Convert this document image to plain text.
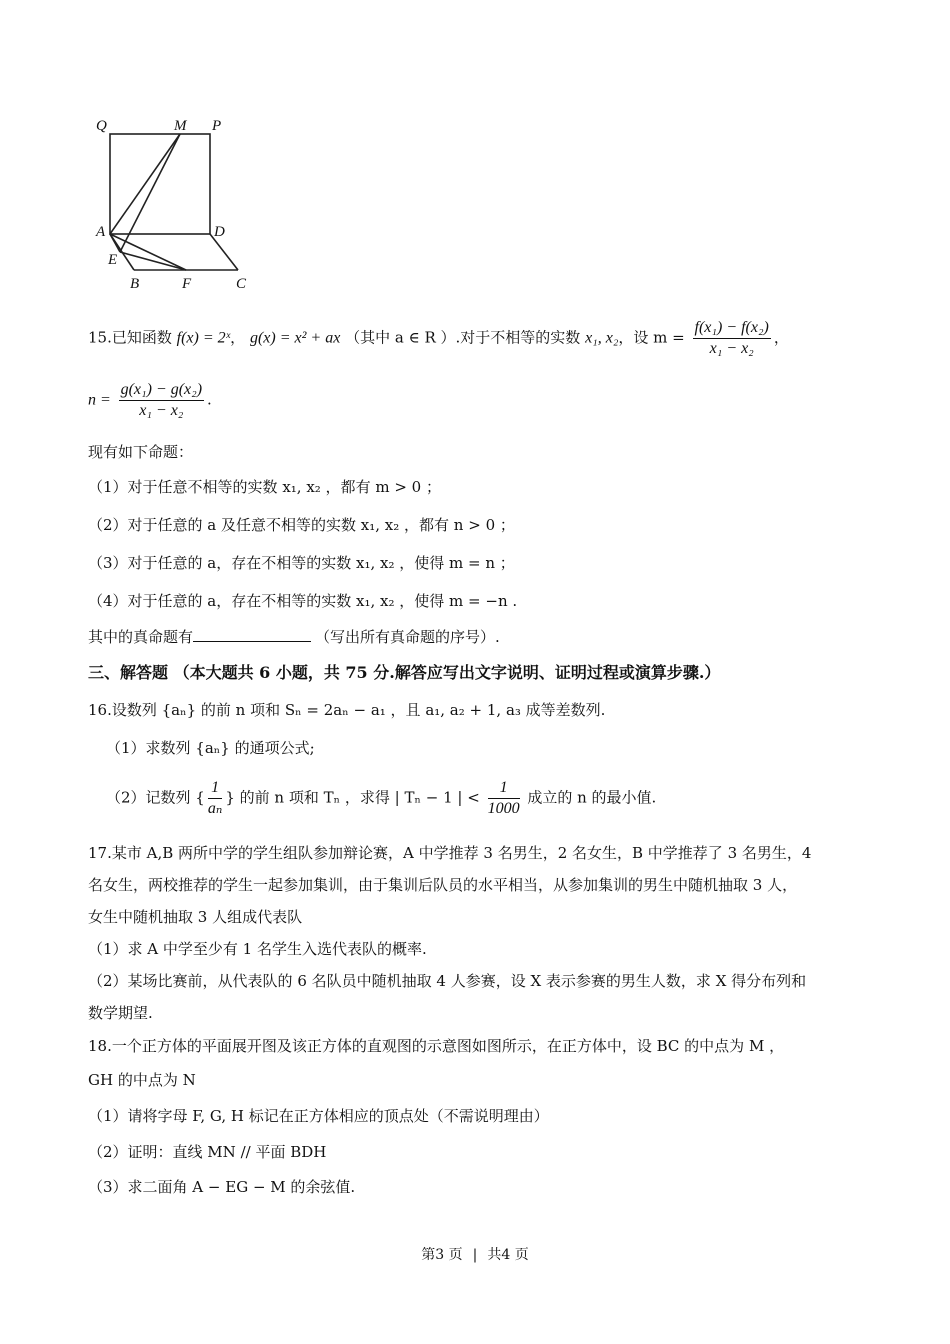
Q	M P
A	D
E
B	F	C
15.已知函数 f(x) = 2ˣ， g(x) = x² + ax （其中 a ∈ R ）.对于不相等的实数 x₁, x₂，设 $m = \frac{\text{f(x₁) − f(x₂)}}{\text{x₁ − x₂}}$ ，
$n = \frac{\text{g(x₁) − g(x₂)}}{\text{x₁ − x₂}}$ .
现有如下命题：
（1）对于任意不相等的实数 x₁, x₂ ，都有 m > 0 ；
（2）对于任意的 a 及任意不相等的实数 x₁, x₂ ，都有 n > 0 ；
（3）对于任意的 a，存在不相等的实数 x₁, x₂ ，使得 m = n ；
（4）对于任意的 a，存在不相等的实数 x₁, x₂ ，使得 m = −n .
其中的真命题有	（写出所有真命题的序号）.
三、解答题 （本大题共 6 小题，共 75 分.解答应写出文字说明、证明过程或演算步骤.）
16.设数列 {aₙ} 的前 n 项和 Sₙ = 2aₙ − a₁ ，且 a₁, a₂ + 1, a₃ 成等差数列.
（1）求数列 {aₙ} 的通项公式;
（2）记数列 { $\frac{1}{\text{aₙ}}$ } 的前 n 项和 Tₙ ，求得 | Tₙ − 1 | < $\frac{1}{1000}$ 成立的 n 的最小值.
17.某市 A,B 两所中学的学生组队参加辩论赛，A 中学推荐 3 名男生，2 名女生，B 中学推荐了 3 名男生，4
名女生，两校推荐的学生一起参加集训，由于集训后队员的水平相当，从参加集训的男生中随机抽取 3 人，
女生中随机抽取 3 人组成代表队
（1）求 A 中学至少有 1 名学生入选代表队的概率.
（2）某场比赛前，从代表队的 6 名队员中随机抽取 4 人参赛，设 X 表示参赛的男生人数，求 X 得分布列和
数学期望.
18.一个正方体的平面展开图及该正方体的直观图的示意图如图所示，在正方体中，设 BC 的中点为 M ，
GH 的中点为 N
（1）请将字母 F, G, H 标记在正方体相应的顶点处（不需说明理由）
（2）证明：直线 MN // 平面 BDH
（3）求二面角 A − EG − M 的余弦值.
第3 页 | 共4 页
